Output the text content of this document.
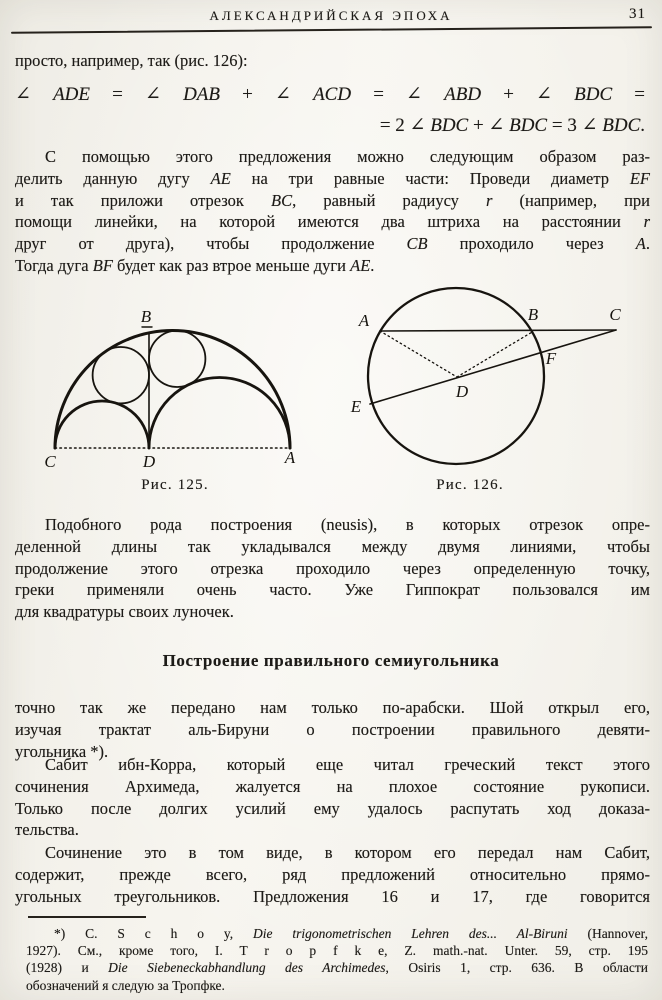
АЛЕКСАНДРИЙСКАЯ ЭПОХА	31
просто, например, так (рис. 126):
∠ ADE = ∠ DAB + ∠ ACD = ∠ ABD + ∠ BDC =
= 2 ∠ BDC + ∠ BDC = 3 ∠ BDC.
С помощью этого предложения можно следующим образом раз-
делить данную дугу AE на три равные части: Проведи диаметр EF
и так приложи отрезок BC, равный радиусу r (например, при
помощи линейки, на которой имеются два штриха на расстоянии r
друг от друга), чтобы продолжение CB проходило через A.
Тогда дуга BF будет как раз втрое меньше дуги AE.
B
C	D	A
A	B	C
F
D
E
Рис. 125.	Рис. 126.
Подобного рода построения (neusis), в которых отрезок опре-
деленной длины так укладывался между двумя линиями, чтобы
продолжение этого отрезка проходило через определенную точку,
греки применяли очень часто. Уже Гиппократ пользовался им
для квадратуры своих луночек.
Построение правильного семиугольника
точно так же передано нам только по-арабски. Шой открыл его,
изучая трактат аль-Бируни о построении правильного девяти-
угольника *).
Сабит ибн-Корра, который еще читал греческий текст этого
сочинения Архимеда, жалуется на плохое состояние рукописи.
Только после долгих усилий ему удалось распутать ход доказа-
тельства.
Сочинение это в том виде, в котором его передал нам Сабит,
содержит, прежде всего, ряд предложений относительно прямо-
угольных треугольников. Предложения 16 и 17, где говорится
*) C. S c h o y, Die trigonometrischen Lehren des... Al-Biruni (Hannover,
1927). См., кроме того, I. T r o p f k e, Z. math.-nat. Unter. 59, стр. 195
(1928) и Die Siebeneckabhandlung des Archimedes, Osiris 1, стр. 636. В области
обозначений я следую за Тропфке.
